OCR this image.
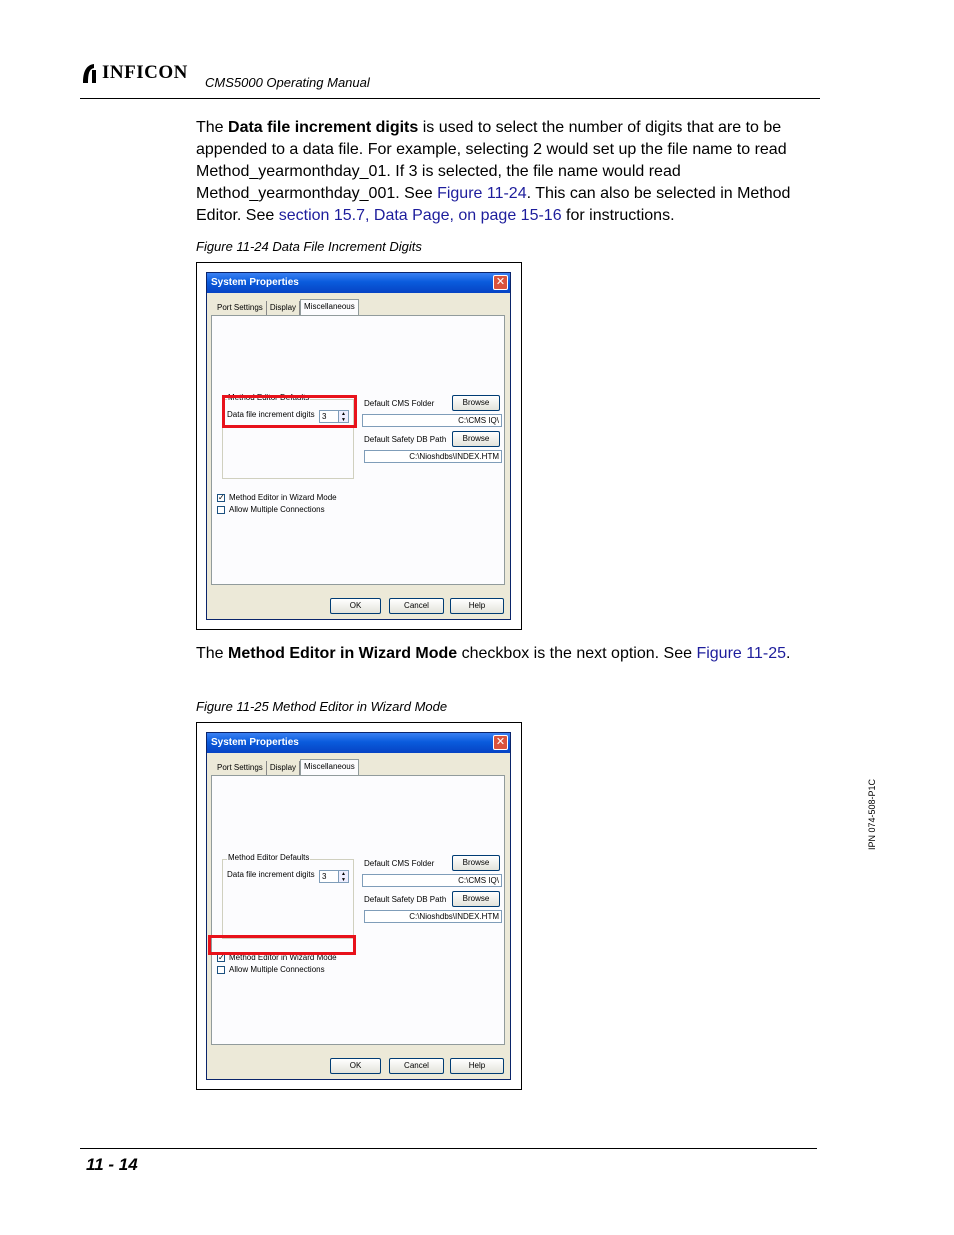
INFICON CMS5000 Operating Manual

The Data file increment digits is used to select the number of digits that are to be appended to a data file. For example, selecting 2 would set up the file name to read Method_yearmonthday_01. If 3 is selected, the file name would read Method_yearmonthday_001. See Figure 11-24. This can also be selected in Method Editor. See section 15.7, Data Page, on page 15-16 for instructions.

Figure 11-24 Data File Increment Digits
System Properties	✕
Port Settings Display	Miscellaneous
Method Editor Defaults
Data file increment digits 3	▲
▼
Default CMS Folder	Browse
C:\CMS IQ\
Default Safety DB Path	Browse
C:\Nioshdbs\INDEX.HTM
✓ Method Editor in Wizard Mode
Allow Multiple Connections
OK	Cancel	Help

The Method Editor in Wizard Mode checkbox is the next option. See Figure 11-25.

Figure 11-25 Method Editor in Wizard Mode
System Properties	✕
Port Settings Display	Miscellaneous
Method Editor Defaults
Data file increment digits 3	▲
▼
Default CMS Folder	Browse
C:\CMS IQ\
Default Safety DB Path	Browse
C:\Nioshdbs\INDEX.HTM
✓ Method Editor in Wizard Mode
Allow Multiple Connections
OK	Cancel	Help
IPN 074-508-P1C
11 - 14
